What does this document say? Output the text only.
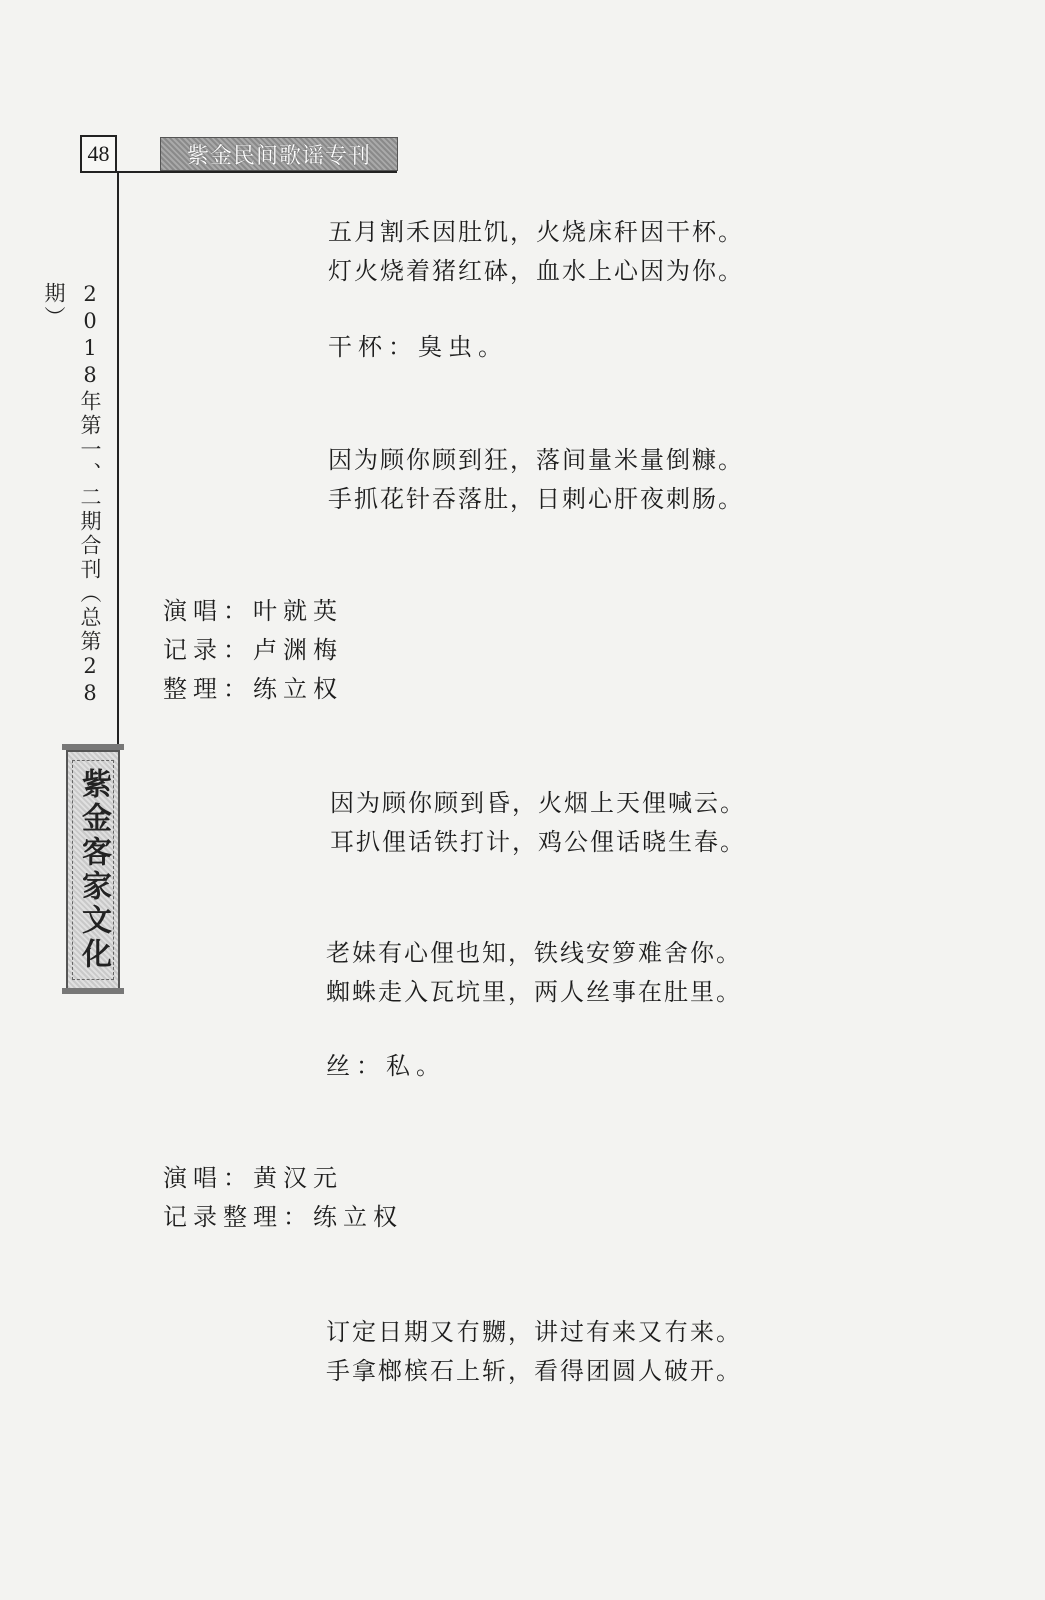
48	紫金民间歌谣专刊
2018年第一、二期合刊（总第28期）
紫金客家文化
五月割禾因肚饥，火烧床秆因干杯。
灯火烧着猪红砵，血水上心因为你。
干杯：臭虫。
因为顾你顾到狂，落间量米量倒糠。
手抓花针吞落肚，日刺心肝夜刺肠。
演唱：叶就英
记录：卢渊梅
整理：练立权
因为顾你顾到昏，火烟上天俚喊云。
耳扒俚话铁打计，鸡公俚话晓生春。
老妹有心俚也知，铁线安箩难舍你。
蜘蛛走入瓦坑里，两人丝事在肚里。
丝：私。
演唱：黄汉元
记录整理：练立权
订定日期又冇嬲，讲过有来又冇来。
手拿榔槟石上斩，看得团圆人破开。
